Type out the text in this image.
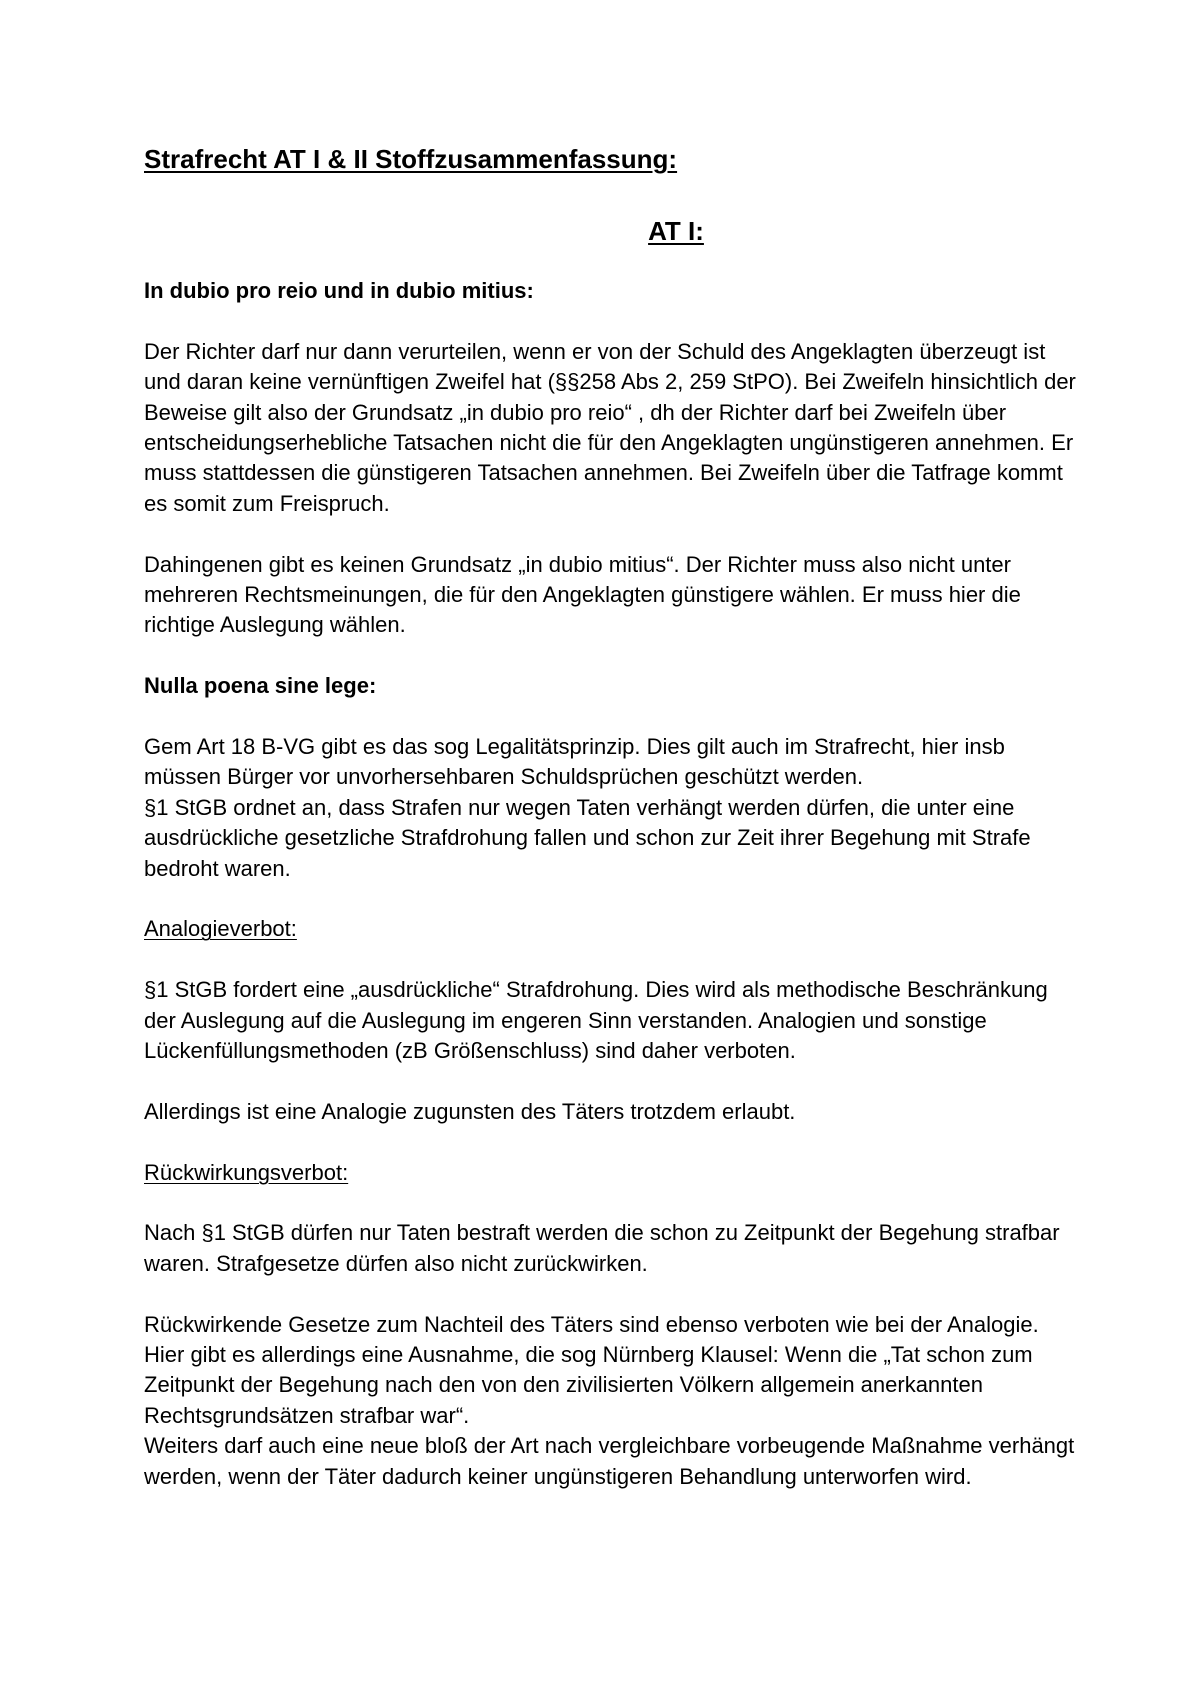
Strafrecht AT I & II Stoffzusammenfassung:
AT I:

In dubio pro reio und in dubio mitius:

Der Richter darf nur dann verurteilen, wenn er von der Schuld des Angeklagten überzeugt ist und daran keine vernünftigen Zweifel hat (§§258 Abs 2, 259 StPO). Bei Zweifeln hinsichtlich der Beweise gilt also der Grundsatz „in dubio pro reio“ , dh der Richter darf bei Zweifeln über entscheidungserhebliche Tatsachen nicht die für den Angeklagten ungünstigeren annehmen. Er muss stattdessen die günstigeren Tatsachen annehmen. Bei Zweifeln über die Tatfrage kommt es somit zum Freispruch.

Dahingenen gibt es keinen Grundsatz „in dubio mitius“. Der Richter muss also nicht unter mehreren Rechtsmeinungen, die für den Angeklagten günstigere wählen. Er muss hier die richtige Auslegung wählen.

Nulla poena sine lege:

Gem Art 18 B-VG gibt es das sog Legalitätsprinzip. Dies gilt auch im Strafrecht, hier insb müssen Bürger vor unvorhersehbaren Schuldsprüchen geschützt werden.

§1 StGB ordnet an, dass Strafen nur wegen Taten verhängt werden dürfen, die unter eine ausdrückliche gesetzliche Strafdrohung fallen und schon zur Zeit ihrer Begehung mit Strafe bedroht waren.

Analogieverbot:

§1 StGB fordert eine „ausdrückliche“ Strafdrohung. Dies wird als methodische Beschränkung der Auslegung auf die Auslegung im engeren Sinn verstanden. Analogien und sonstige Lückenfüllungsmethoden (zB Größenschluss) sind daher verboten.

Allerdings ist eine Analogie zugunsten des Täters trotzdem erlaubt.

Rückwirkungsverbot:

Nach §1 StGB dürfen nur Taten bestraft werden die schon zu Zeitpunkt der Begehung strafbar waren. Strafgesetze dürfen also nicht zurückwirken.

Rückwirkende Gesetze zum Nachteil des Täters sind ebenso verboten wie bei der Analogie. Hier gibt es allerdings eine Ausnahme, die sog Nürnberg Klausel: Wenn die „Tat schon zum Zeitpunkt der Begehung nach den von den zivilisierten Völkern allgemein anerkannten Rechtsgrundsätzen strafbar war“.

Weiters darf auch eine neue bloß der Art nach vergleichbare vorbeugende Maßnahme verhängt werden, wenn der Täter dadurch keiner ungünstigeren Behandlung unterworfen wird.
